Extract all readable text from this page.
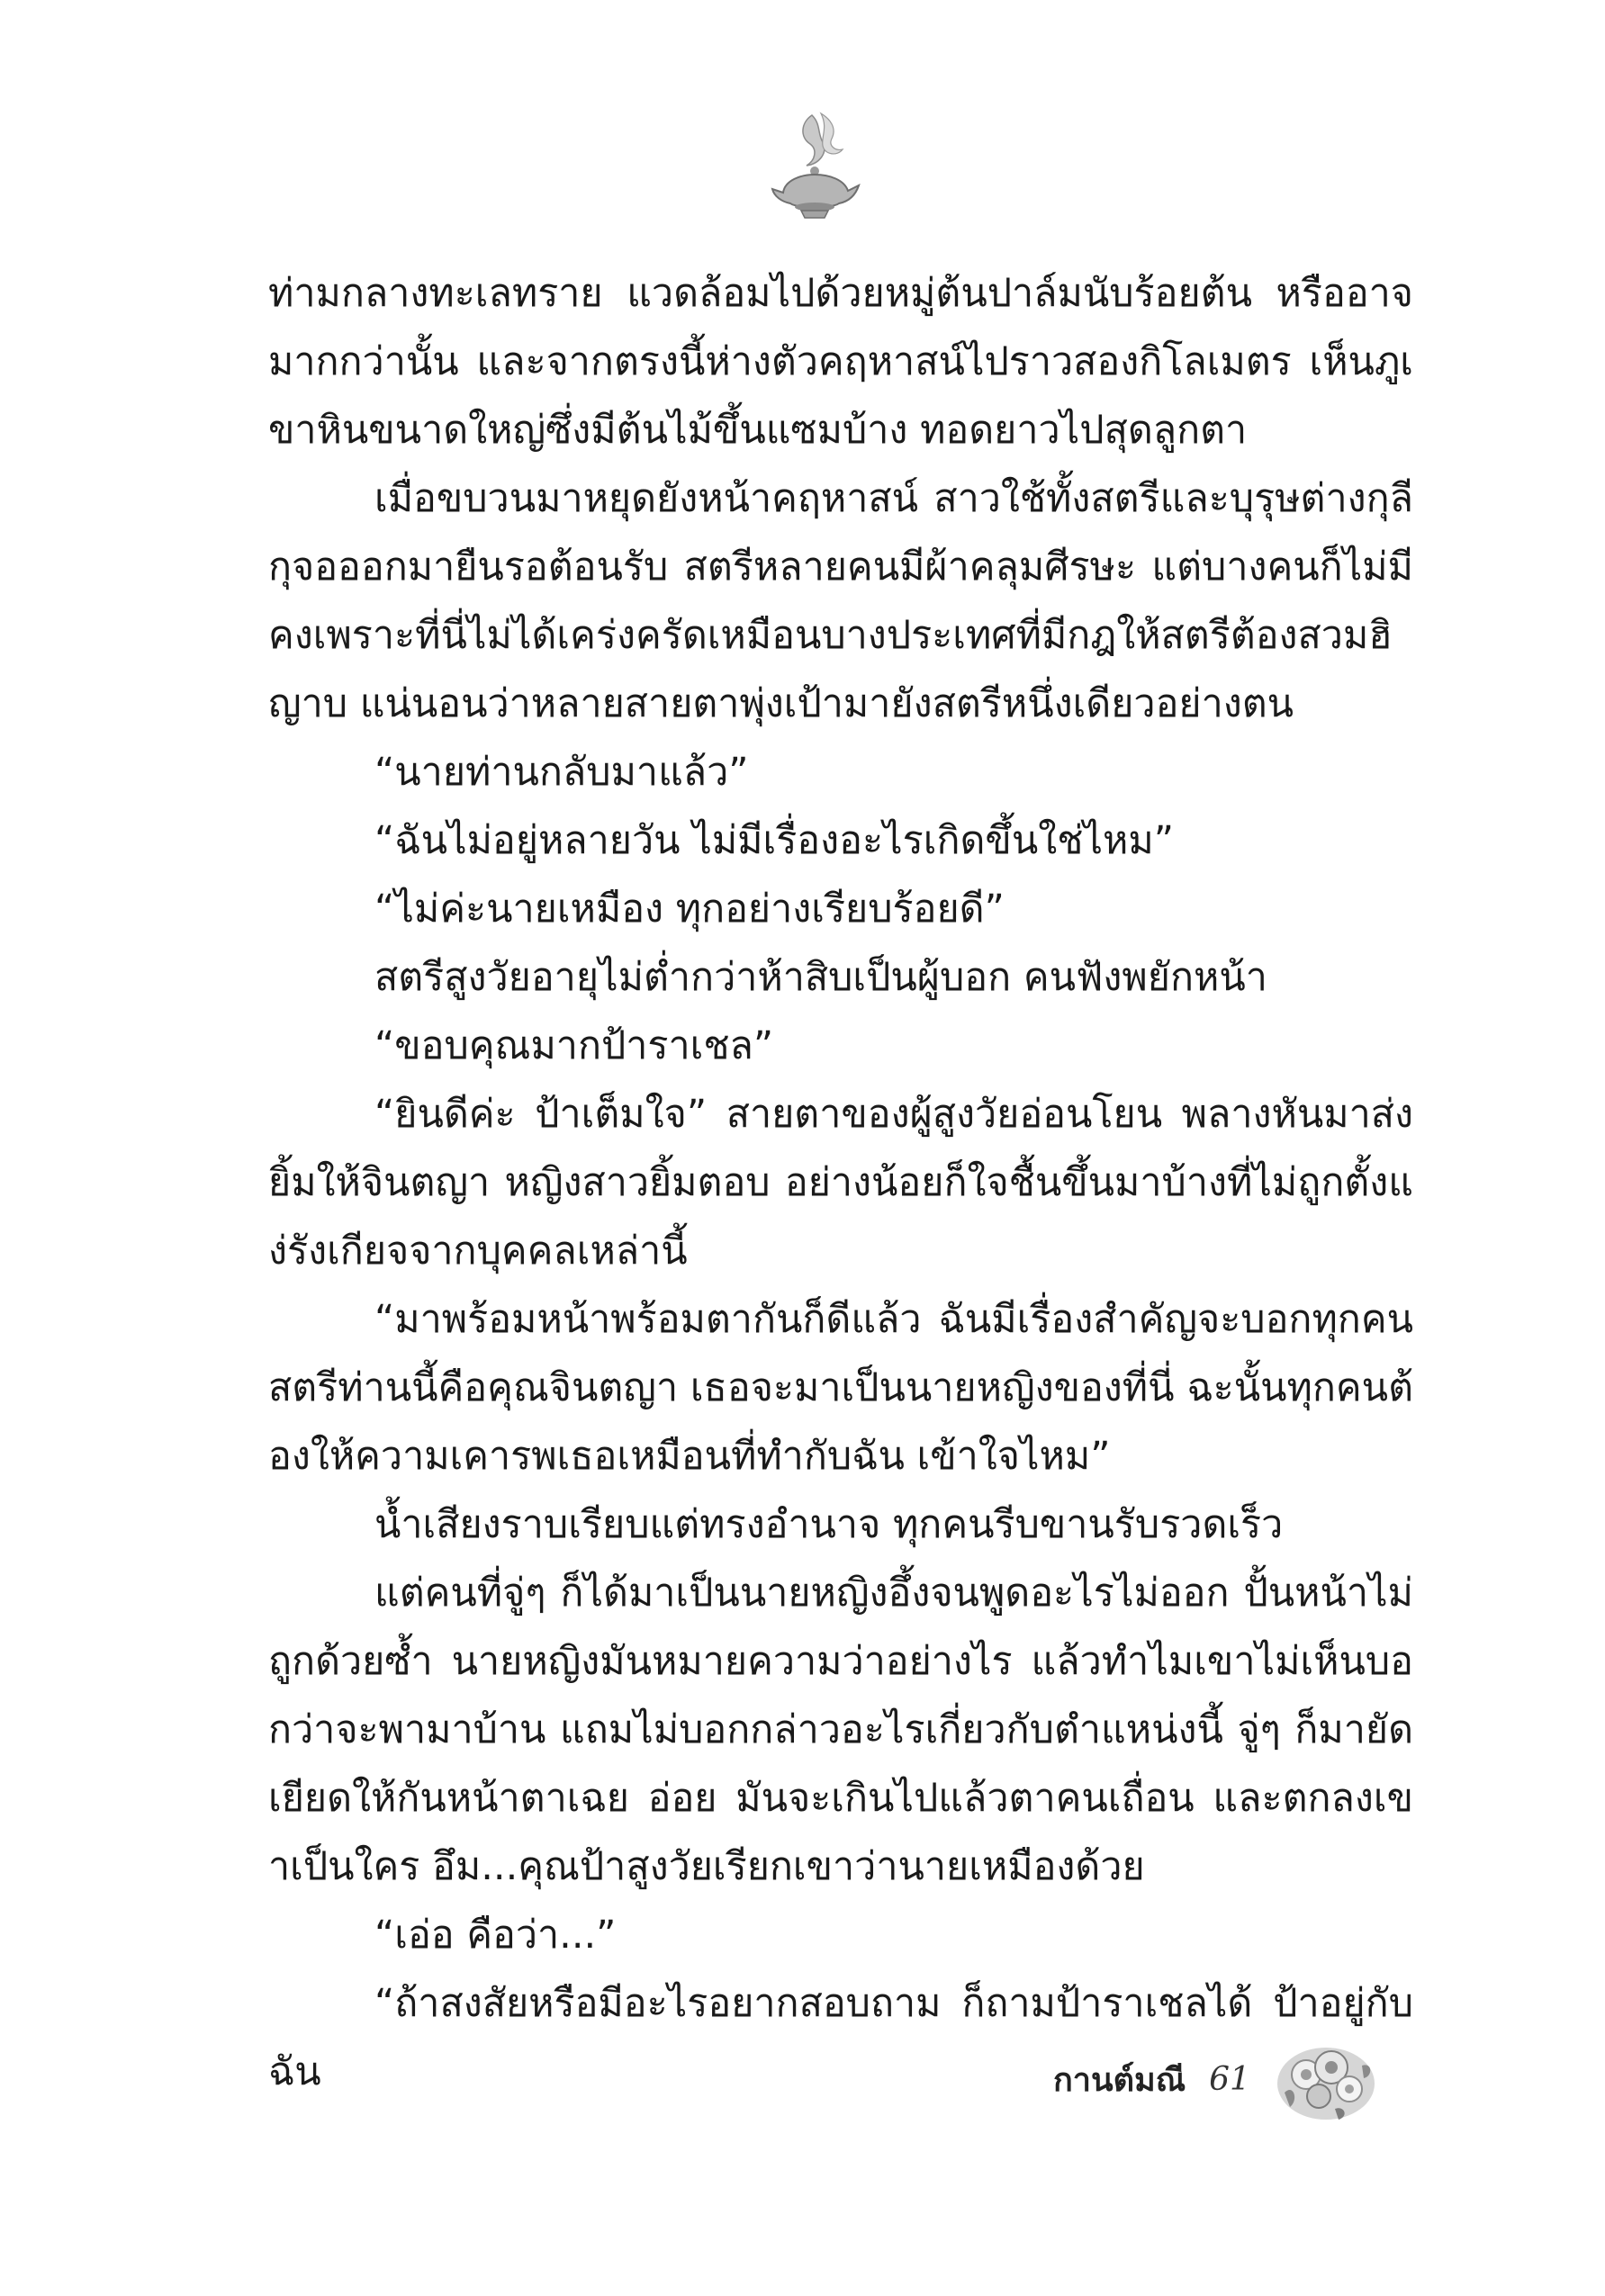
ท่ามกลางทะเลทราย แวดล้อมไปด้วยหมู่ต้นปาล์มนับร้อยต้น หรืออาจมากกว่านั้น และจากตรงนี้ห่างตัวคฤหาสน์ไปราวสองกิโลเมตร เห็นภูเขาหินขนาดใหญ่ซึ่งมีต้นไม้ขึ้นแซมบ้าง ทอดยาวไปสุดลูกตา

เมื่อขบวนมาหยุดยังหน้าคฤหาสน์ สาวใช้ทั้งสตรีและบุรุษต่างกุลีกุจอออกมายืนรอต้อนรับ สตรีหลายคนมีผ้าคลุมศีรษะ แต่บางคนก็ไม่มี คงเพราะที่นี่ไม่ได้เคร่งครัดเหมือนบางประเทศที่มีกฎให้สตรีต้องสวมฮิญาบ แน่นอนว่าหลายสายตาพุ่งเป้ามายังสตรีหนึ่งเดียวอย่างตน

“นายท่านกลับมาแล้ว”

“ฉันไม่อยู่หลายวัน ไม่มีเรื่องอะไรเกิดขึ้นใช่ไหม”

“ไม่ค่ะนายเหมือง ทุกอย่างเรียบร้อยดี”

สตรีสูงวัยอายุไม่ต่ำกว่าห้าสิบเป็นผู้บอก คนฟังพยักหน้า

“ขอบคุณมากป้าราเชล”

“ยินดีค่ะ ป้าเต็มใจ” สายตาของผู้สูงวัยอ่อนโยน พลางหันมาส่งยิ้มให้จินตญา หญิงสาวยิ้มตอบ อย่างน้อยก็ใจชื้นขึ้นมาบ้างที่ไม่ถูกตั้งแง่รังเกียจจากบุคคลเหล่านี้

“มาพร้อมหน้าพร้อมตากันก็ดีแล้ว ฉันมีเรื่องสำคัญจะบอกทุกคน สตรีท่านนี้คือคุณจินตญา เธอจะมาเป็นนายหญิงของที่นี่ ฉะนั้นทุกคนต้องให้ความเคารพเธอเหมือนที่ทำกับฉัน เข้าใจไหม”

น้ำเสียงราบเรียบแต่ทรงอำนาจ ทุกคนรีบขานรับรวดเร็ว

แต่คนที่จู่ๆ ก็ได้มาเป็นนายหญิงอึ้งจนพูดอะไรไม่ออก ปั้นหน้าไม่ถูกด้วยซ้ำ นายหญิงมันหมายความว่าอย่างไร แล้วทำไมเขาไม่เห็นบอกว่าจะพามาบ้าน แถมไม่บอกกล่าวอะไรเกี่ยวกับตำแหน่งนี้ จู่ๆ ก็มายัดเยียดให้กันหน้าตาเฉย อ่อย มันจะเกินไปแล้วตาคนเถื่อน และตกลงเขาเป็นใคร อึม...คุณป้าสูงวัยเรียกเขาว่านายเหมืองด้วย

“เอ่อ คือว่า...”

“ถ้าสงสัยหรือมีอะไรอยากสอบถาม ก็ถามป้าราเชลได้ ป้าอยู่กับฉัน	กานต์มณี 61
